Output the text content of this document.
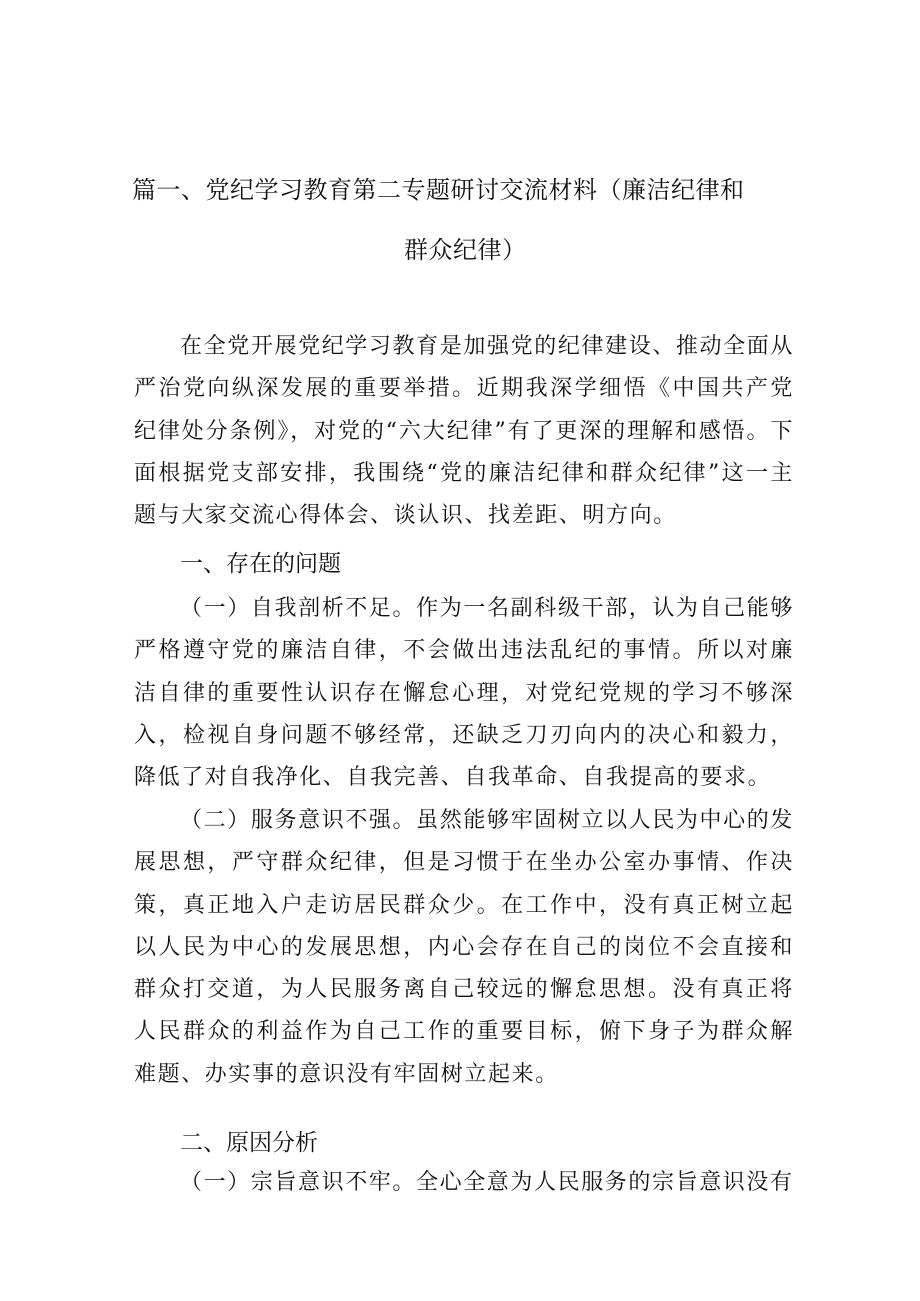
篇一、党纪学习教育第二专题研讨交流材料（廉洁纪律和
群众纪律）

在全党开展党纪学习教育是加强党的纪律建设、推动全面从严治党向纵深发展的重要举措。近期我深学细悟《中国共产党纪律处分条例》，对党的“六大纪律”有了更深的理解和感悟。下面根据党支部安排，我围绕“党的廉洁纪律和群众纪律”这一主题与大家交流心得体会、谈认识、找差距、明方向。

一、存在的问题

（一）自我剖析不足。作为一名副科级干部，认为自己能够严格遵守党的廉洁自律，不会做出违法乱纪的事情。所以对廉洁自律的重要性认识存在懈怠心理，对党纪党规的学习不够深入，检视自身问题不够经常，还缺乏刀刃向内的决心和毅力，降低了对自我净化、自我完善、自我革命、自我提高的要求。

（二）服务意识不强。虽然能够牢固树立以人民为中心的发展思想，严守群众纪律，但是习惯于在坐办公室办事情、作决策，真正地入户走访居民群众少。在工作中，没有真正树立起以人民为中心的发展思想，内心会存在自己的岗位不会直接和群众打交道，为人民服务离自己较远的懈怠思想。没有真正将人民群众的利益作为自己工作的重要目标，俯下身子为群众解难题、办实事的意识没有牢固树立起来。

二、原因分析

（一）宗旨意识不牢。全心全意为人民服务的宗旨意识没有
